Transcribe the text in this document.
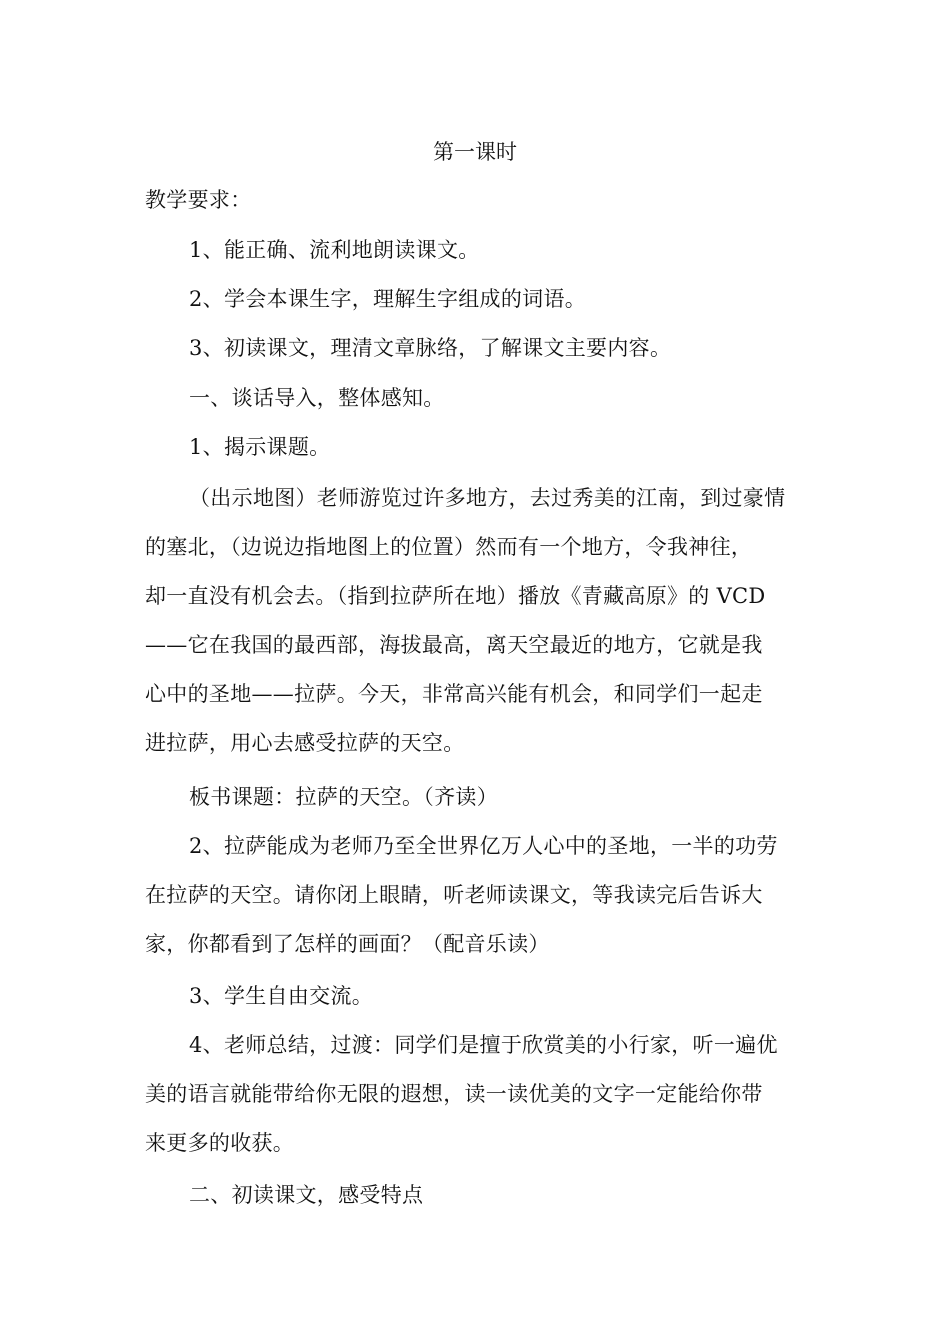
第一课时

教学要求：

1、能正确、流利地朗读课文。

2、学会本课生字，理解生字组成的词语。

3、初读课文，理清文章脉络，了解课文主要内容。

一、谈话导入，整体感知。

1、揭示课题。

（出示地图）老师游览过许多地方，去过秀美的江南，到过豪情
的塞北，（边说边指地图上的位置）然而有一个地方，令我神往，
却一直没有机会去。（指到拉萨所在地）播放《青藏高原》的 VCD
——它在我国的最西部，海拔最高，离天空最近的地方，它就是我
心中的圣地——拉萨。今天，非常高兴能有机会，和同学们一起走
进拉萨，用心去感受拉萨的天空。

板书课题：拉萨的天空。（齐读）

2、拉萨能成为老师乃至全世界亿万人心中的圣地，一半的功劳
在拉萨的天空。请你闭上眼睛，听老师读课文，等我读完后告诉大
家，你都看到了怎样的画面？（配音乐读）

3、学生自由交流。

4、老师总结，过渡：同学们是擅于欣赏美的小行家，听一遍优
美的语言就能带给你无限的遐想，读一读优美的文字一定能给你带
来更多的收获。

二、初读课文，感受特点
